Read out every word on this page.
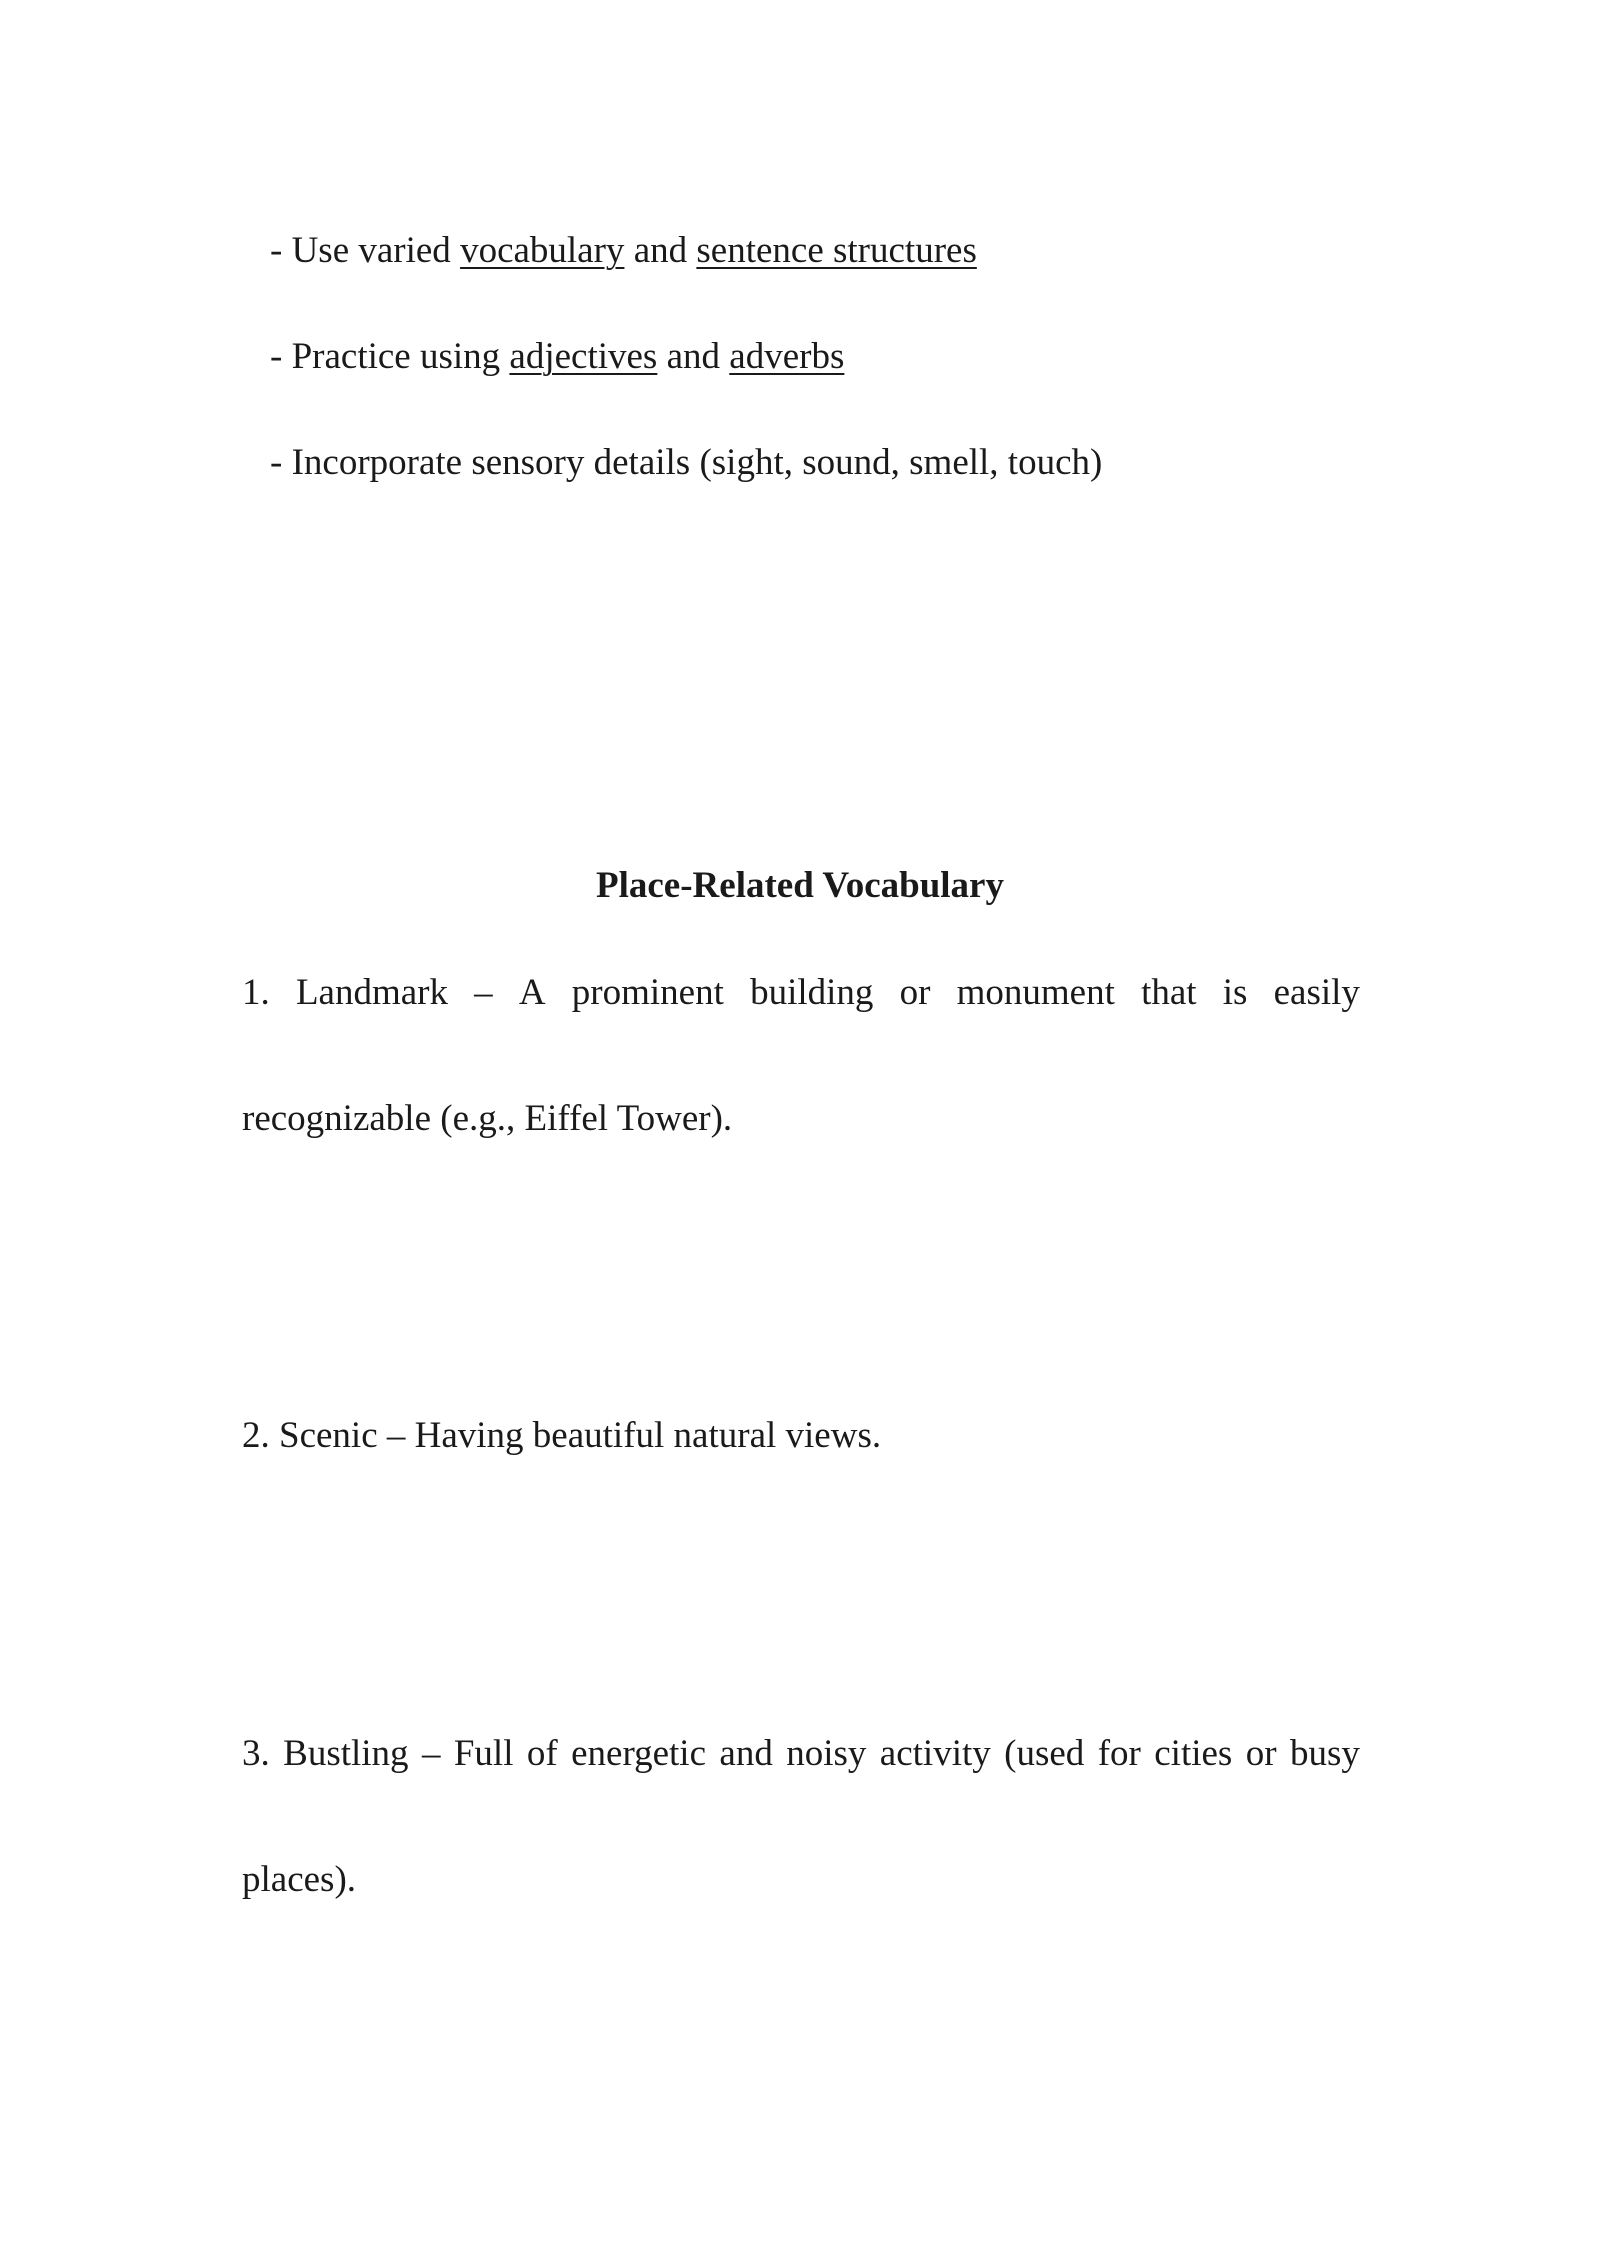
- Use varied vocabulary and sentence structures
- Practice using adjectives and adverbs
- Incorporate sensory details (sight, sound, smell, touch)
Place-Related Vocabulary
1. Landmark – A prominent building or monument that is easily
recognizable (e.g., Eiffel Tower).
2. Scenic – Having beautiful natural views.
3. Bustling – Full of energetic and noisy activity (used for cities or busy
places).
